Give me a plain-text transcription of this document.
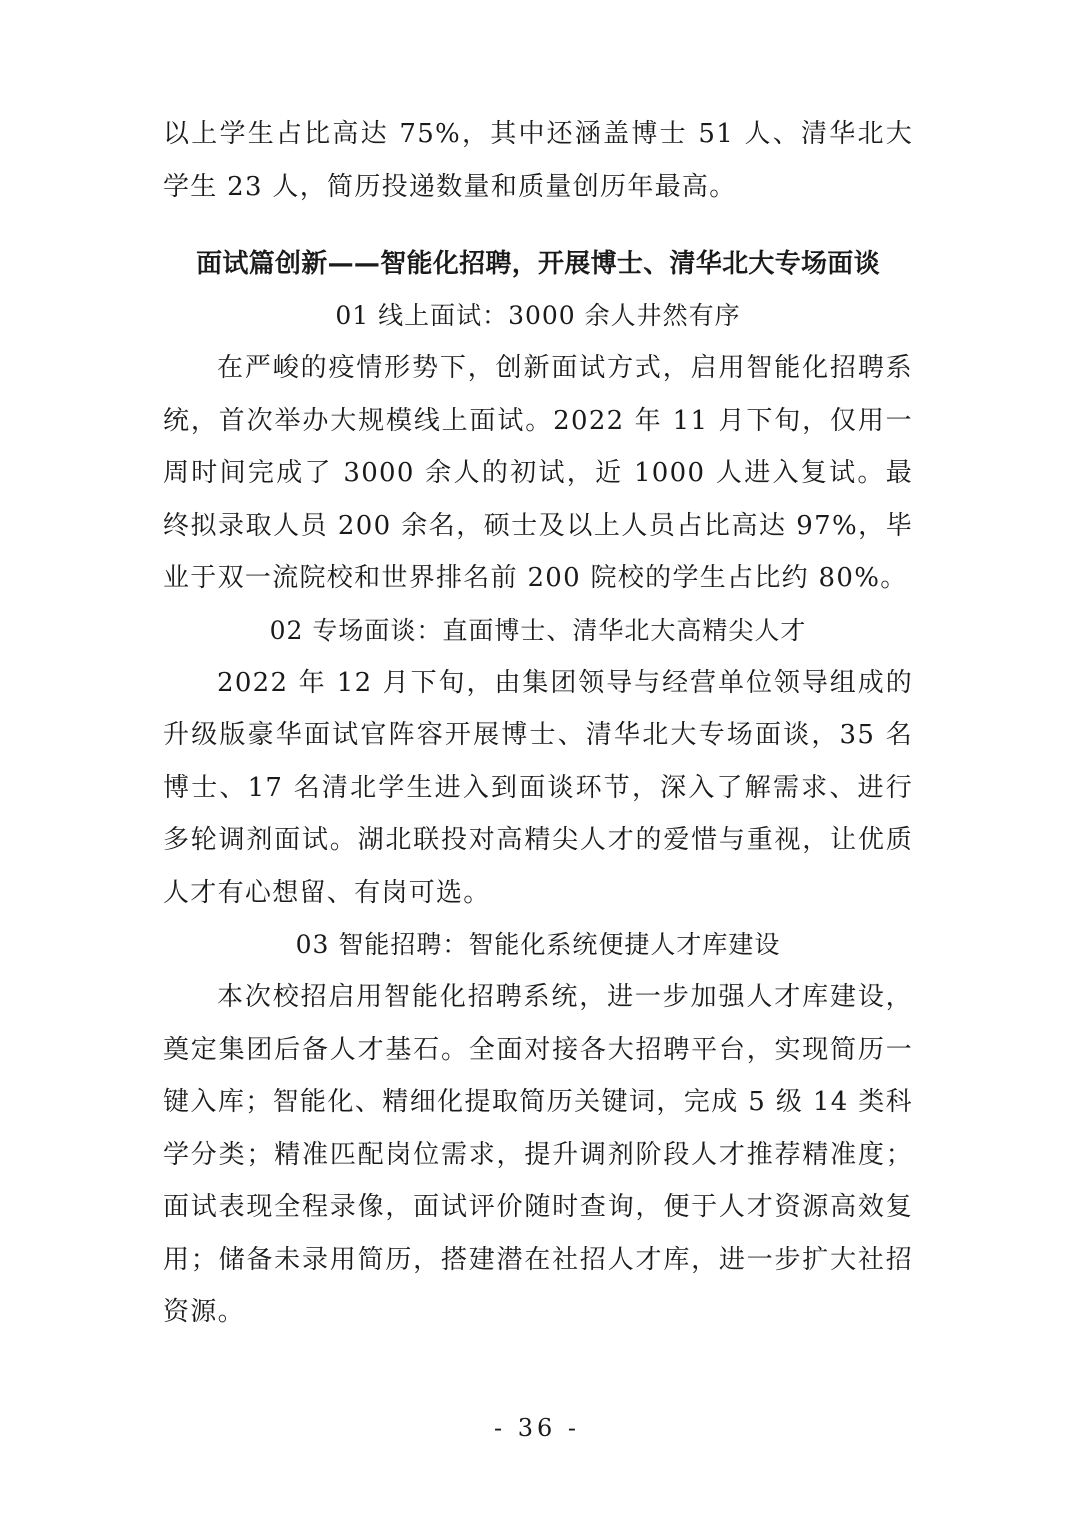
以上学生占比高达 75%，其中还涵盖博士 51 人、清华北大学生 23 人，简历投递数量和质量创历年最高。

面试篇创新——智能化招聘，开展博士、清华北大专场面谈

01 线上面试：3000 余人井然有序

在严峻的疫情形势下，创新面试方式，启用智能化招聘系统，首次举办大规模线上面试。2022 年 11 月下旬，仅用一周时间完成了 3000 余人的初试，近 1000 人进入复试。最终拟录取人员 200 余名，硕士及以上人员占比高达 97%，毕业于双一流院校和世界排名前 200 院校的学生占比约 80%。

02 专场面谈：直面博士、清华北大高精尖人才

2022 年 12 月下旬，由集团领导与经营单位领导组成的升级版豪华面试官阵容开展博士、清华北大专场面谈，35 名博士、17 名清北学生进入到面谈环节，深入了解需求、进行多轮调剂面试。湖北联投对高精尖人才的爱惜与重视，让优质人才有心想留、有岗可选。

03 智能招聘：智能化系统便捷人才库建设

本次校招启用智能化招聘系统，进一步加强人才库建设，奠定集团后备人才基石。全面对接各大招聘平台，实现简历一键入库；智能化、精细化提取简历关键词，完成 5 级 14 类科学分类；精准匹配岗位需求，提升调剂阶段人才推荐精准度；面试表现全程录像，面试评价随时查询，便于人才资源高效复用；储备未录用简历，搭建潜在社招人才库，进一步扩大社招资源。

- 36 -
